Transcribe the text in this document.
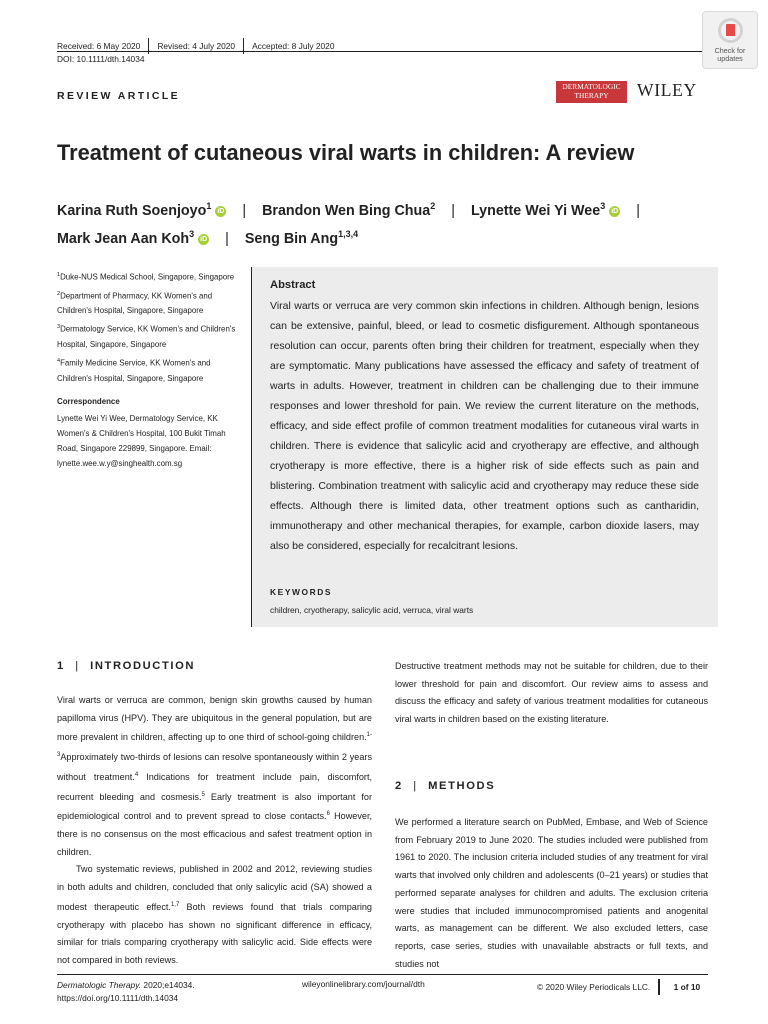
Received: 6 May 2020	Revised: 4 July 2020	Accepted: 8 July 2020
DOI: 10.1111/dth.14034
REVIEW ARTICLE
Check for
updates
DERMATOLOGIC
THERAPY	WILEY
Treatment of cutaneous viral warts in children: A review
Karina Ruth Soenjoyo$^1$iD | Brandon Wen Bing Chua$^2$ | Lynette Wei Yi Wee$^3$iD |
Mark Jean Aan Koh$^3$iD | Seng Bin Ang$^{1,3,4}$

$^1$Duke-NUS Medical School, Singapore, Singapore

$^2$Department of Pharmacy, KK Women's and Children's Hospital, Singapore, Singapore

$^3$Dermatology Service, KK Women's and Children's Hospital, Singapore, Singapore

$^4$Family Medicine Service, KK Women's and Children's Hospital, Singapore, Singapore

Correspondence

Lynette Wei Yi Wee, Dermatology Service, KK Women's & Children's Hospital, 100 Bukit Timah Road, Singapore 229899, Singapore. Email: lynette.wee.w.y@singhealth.com.sg

Abstract
Viral warts or verruca are very common skin infections in children. Although benign, lesions can be extensive, painful, bleed, or lead to cosmetic disfigurement. Although spontaneous resolution can occur, parents often bring their children for treatment, especially when they are symptomatic. Many publications have assessed the efficacy and safety of treatment of warts in adults. However, treatment in children can be challenging due to their immune responses and lower threshold for pain. We review the current literature on the methods, efficacy, and side effect profile of common treatment modalities for cutaneous viral warts in children. There is evidence that salicylic acid and cryotherapy are effective, and although cryotherapy is more effective, there is a higher risk of side effects such as pain and blistering. Combination treatment with salicylic acid and cryotherapy may reduce these side effects. Although there is limited data, other treatment options such as cantharidin, immunotherapy and other mechanical therapies, for example, carbon dioxide lasers, may also be considered, especially for recalcitrant lesions.
KEYWORDS
children, cryotherapy, salicylic acid, verruca, viral warts
1 | INTRODUCTION

Viral warts or verruca are common, benign skin growths caused by human papilloma virus (HPV). They are ubiquitous in the general population, but are more prevalent in children, affecting up to one third of school-going children.$^{1-3}$Approximately two-thirds of lesions can resolve spontaneously within 2 years without treatment.$^4$ Indications for treatment include pain, discomfort, recurrent bleeding and cosmesis.$^5$ Early treatment is also important for epidemiological control and to prevent spread to close contacts.$^6$ However, there is no consensus on the most efficacious and safest treatment option in children.

Two systematic reviews, published in 2002 and 2012, reviewing studies in both adults and children, concluded that only salicylic acid (SA) showed a modest therapeutic effect.$^{1,7}$ Both reviews found that trials comparing cryotherapy with placebo has shown no significant difference in efficacy, similar for trials comparing cryotherapy with salicylic acid. Side effects were not compared in both reviews.

Destructive treatment methods may not be suitable for children, due to their lower threshold for pain and discomfort. Our review aims to assess and discuss the efficacy and safety of various treatment modalities for cutaneous viral warts in children based on the existing literature.
2 | METHODS
We performed a literature search on PubMed, Embase, and Web of Science from February 2019 to June 2020. The studies included were published from 1961 to 2020. The inclusion criteria included studies of any treatment for viral warts that involved only children and adolescents (0–21 years) or studies that performed separate analyses for children and adults. The exclusion criteria were studies that included immunocompromised patients and anogenital warts, as management can be different. We also excluded letters, case reports, case series, studies with unavailable abstracts or full texts, and studies not
Dermatologic Therapy. 2020;e14034.
https://doi.org/10.1111/dth.14034
wileyonlinelibrary.com/journal/dth	© 2020 Wiley Periodicals LLC.	1 of 10
